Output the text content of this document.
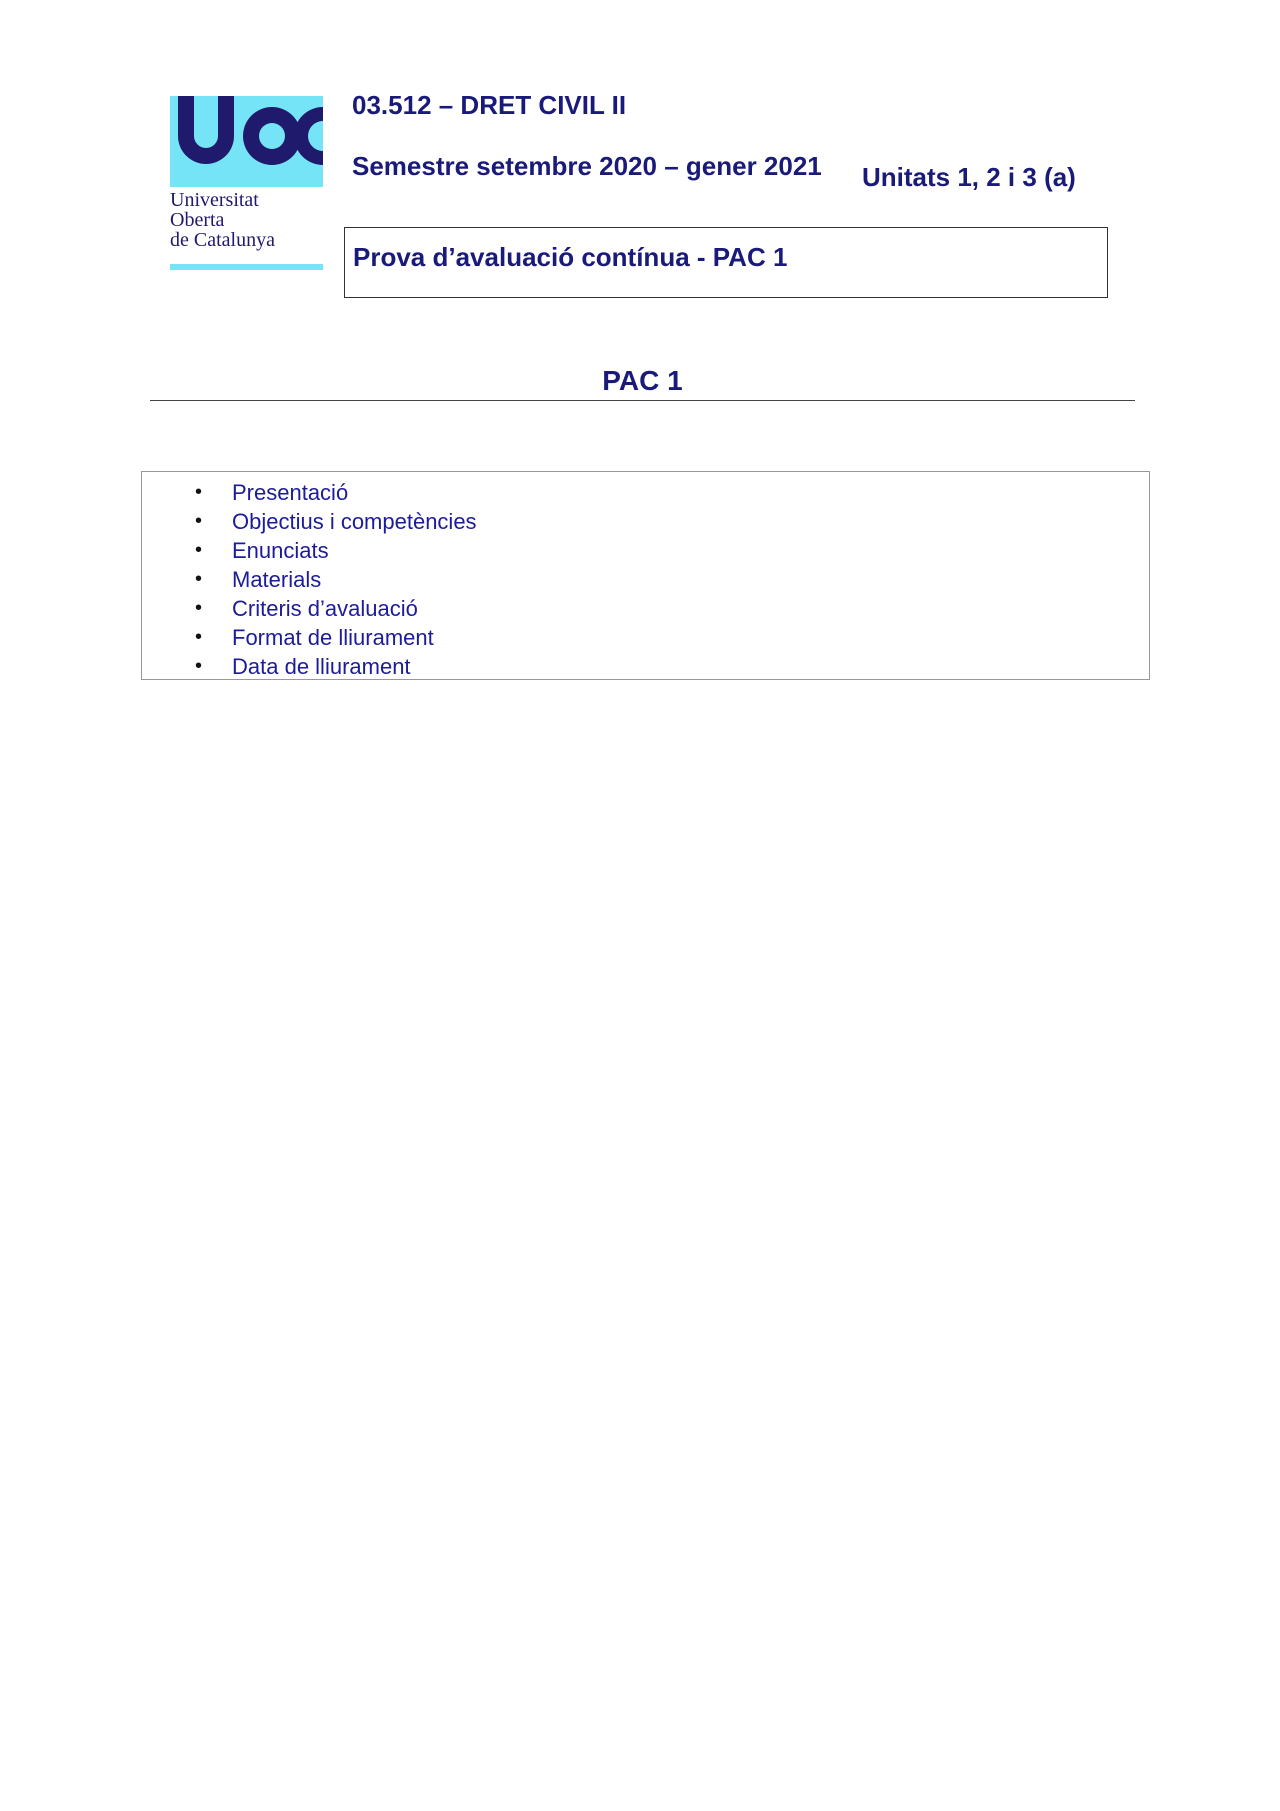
Universitat
Oberta
de Catalunya
03.512 – DRET CIVIL II
Semestre setembre 2020 – gener 2021 Unitats 1, 2 i 3 (a)
Prova d’avaluació contínua - PAC 1
PAC 1
• Presentació
• Objectius i competències
• Enunciats
• Materials
• Criteris d’avaluació
• Format de lliurament
• Data de lliurament
